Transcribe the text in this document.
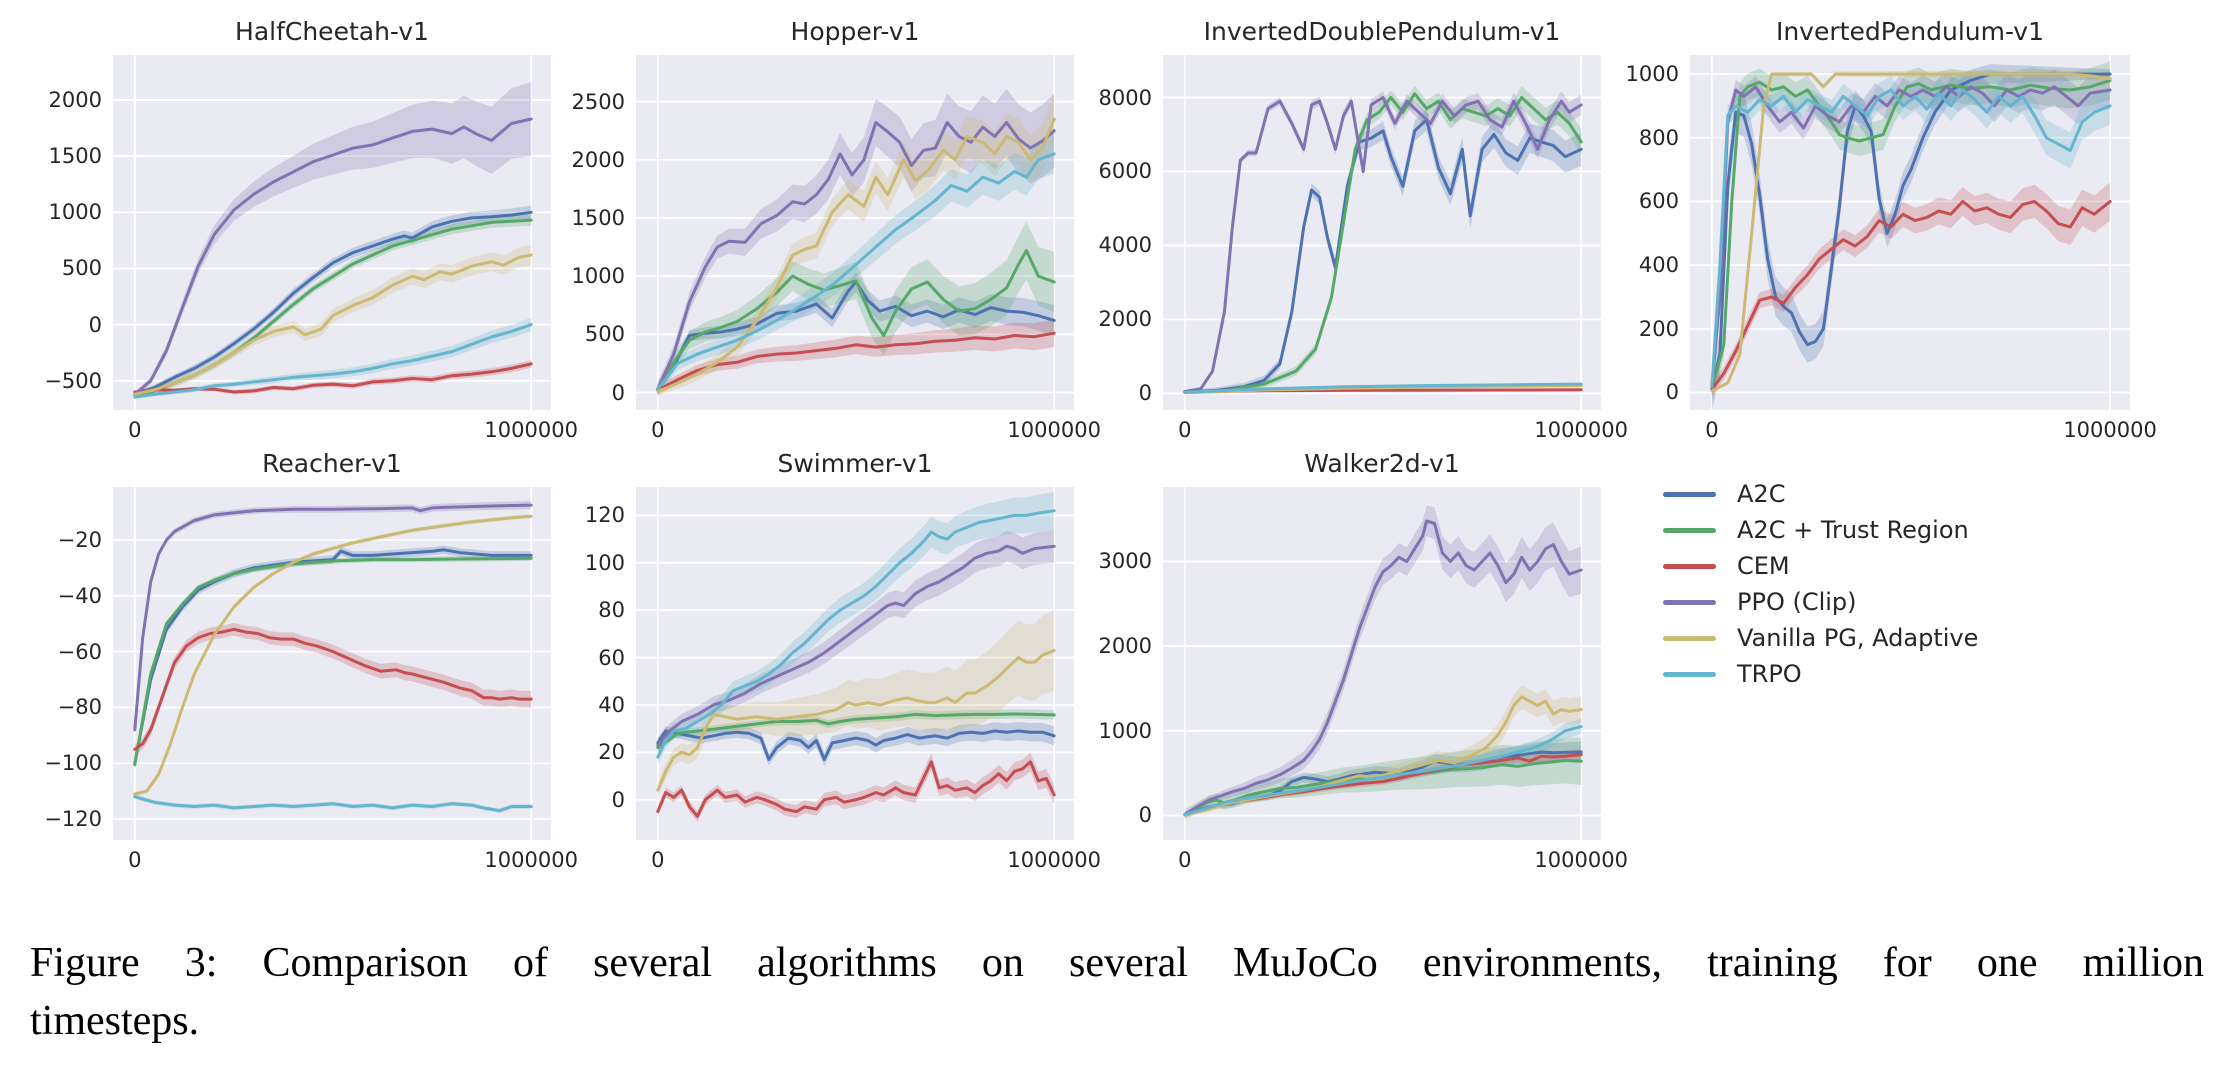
A2C
A2C + Trust Region
CEM
PPO (Clip)
Vanilla PG, Adaptive
TRPO
Figure 3: Comparison of several algorithms on several MuJoCo environments, training for one million
timesteps.
HalfCheetah-v1
−500
0
500
1000
1500
2000
0	1000000
Hopper-v1
0
500
1000
1500
2000
2500
0	1000000
InvertedDoublePendulum-v1
0
2000
4000
6000
8000
0	1000000
InvertedPendulum-v1
0
200
400
600
800
1000
0	1000000
Reacher-v1
−20
−40
−60
−80
−100
−120
0	1000000
Swimmer-v1
0
20
40
60
80
100
120
0	1000000
Walker2d-v1
0
1000
2000
3000
0	1000000
